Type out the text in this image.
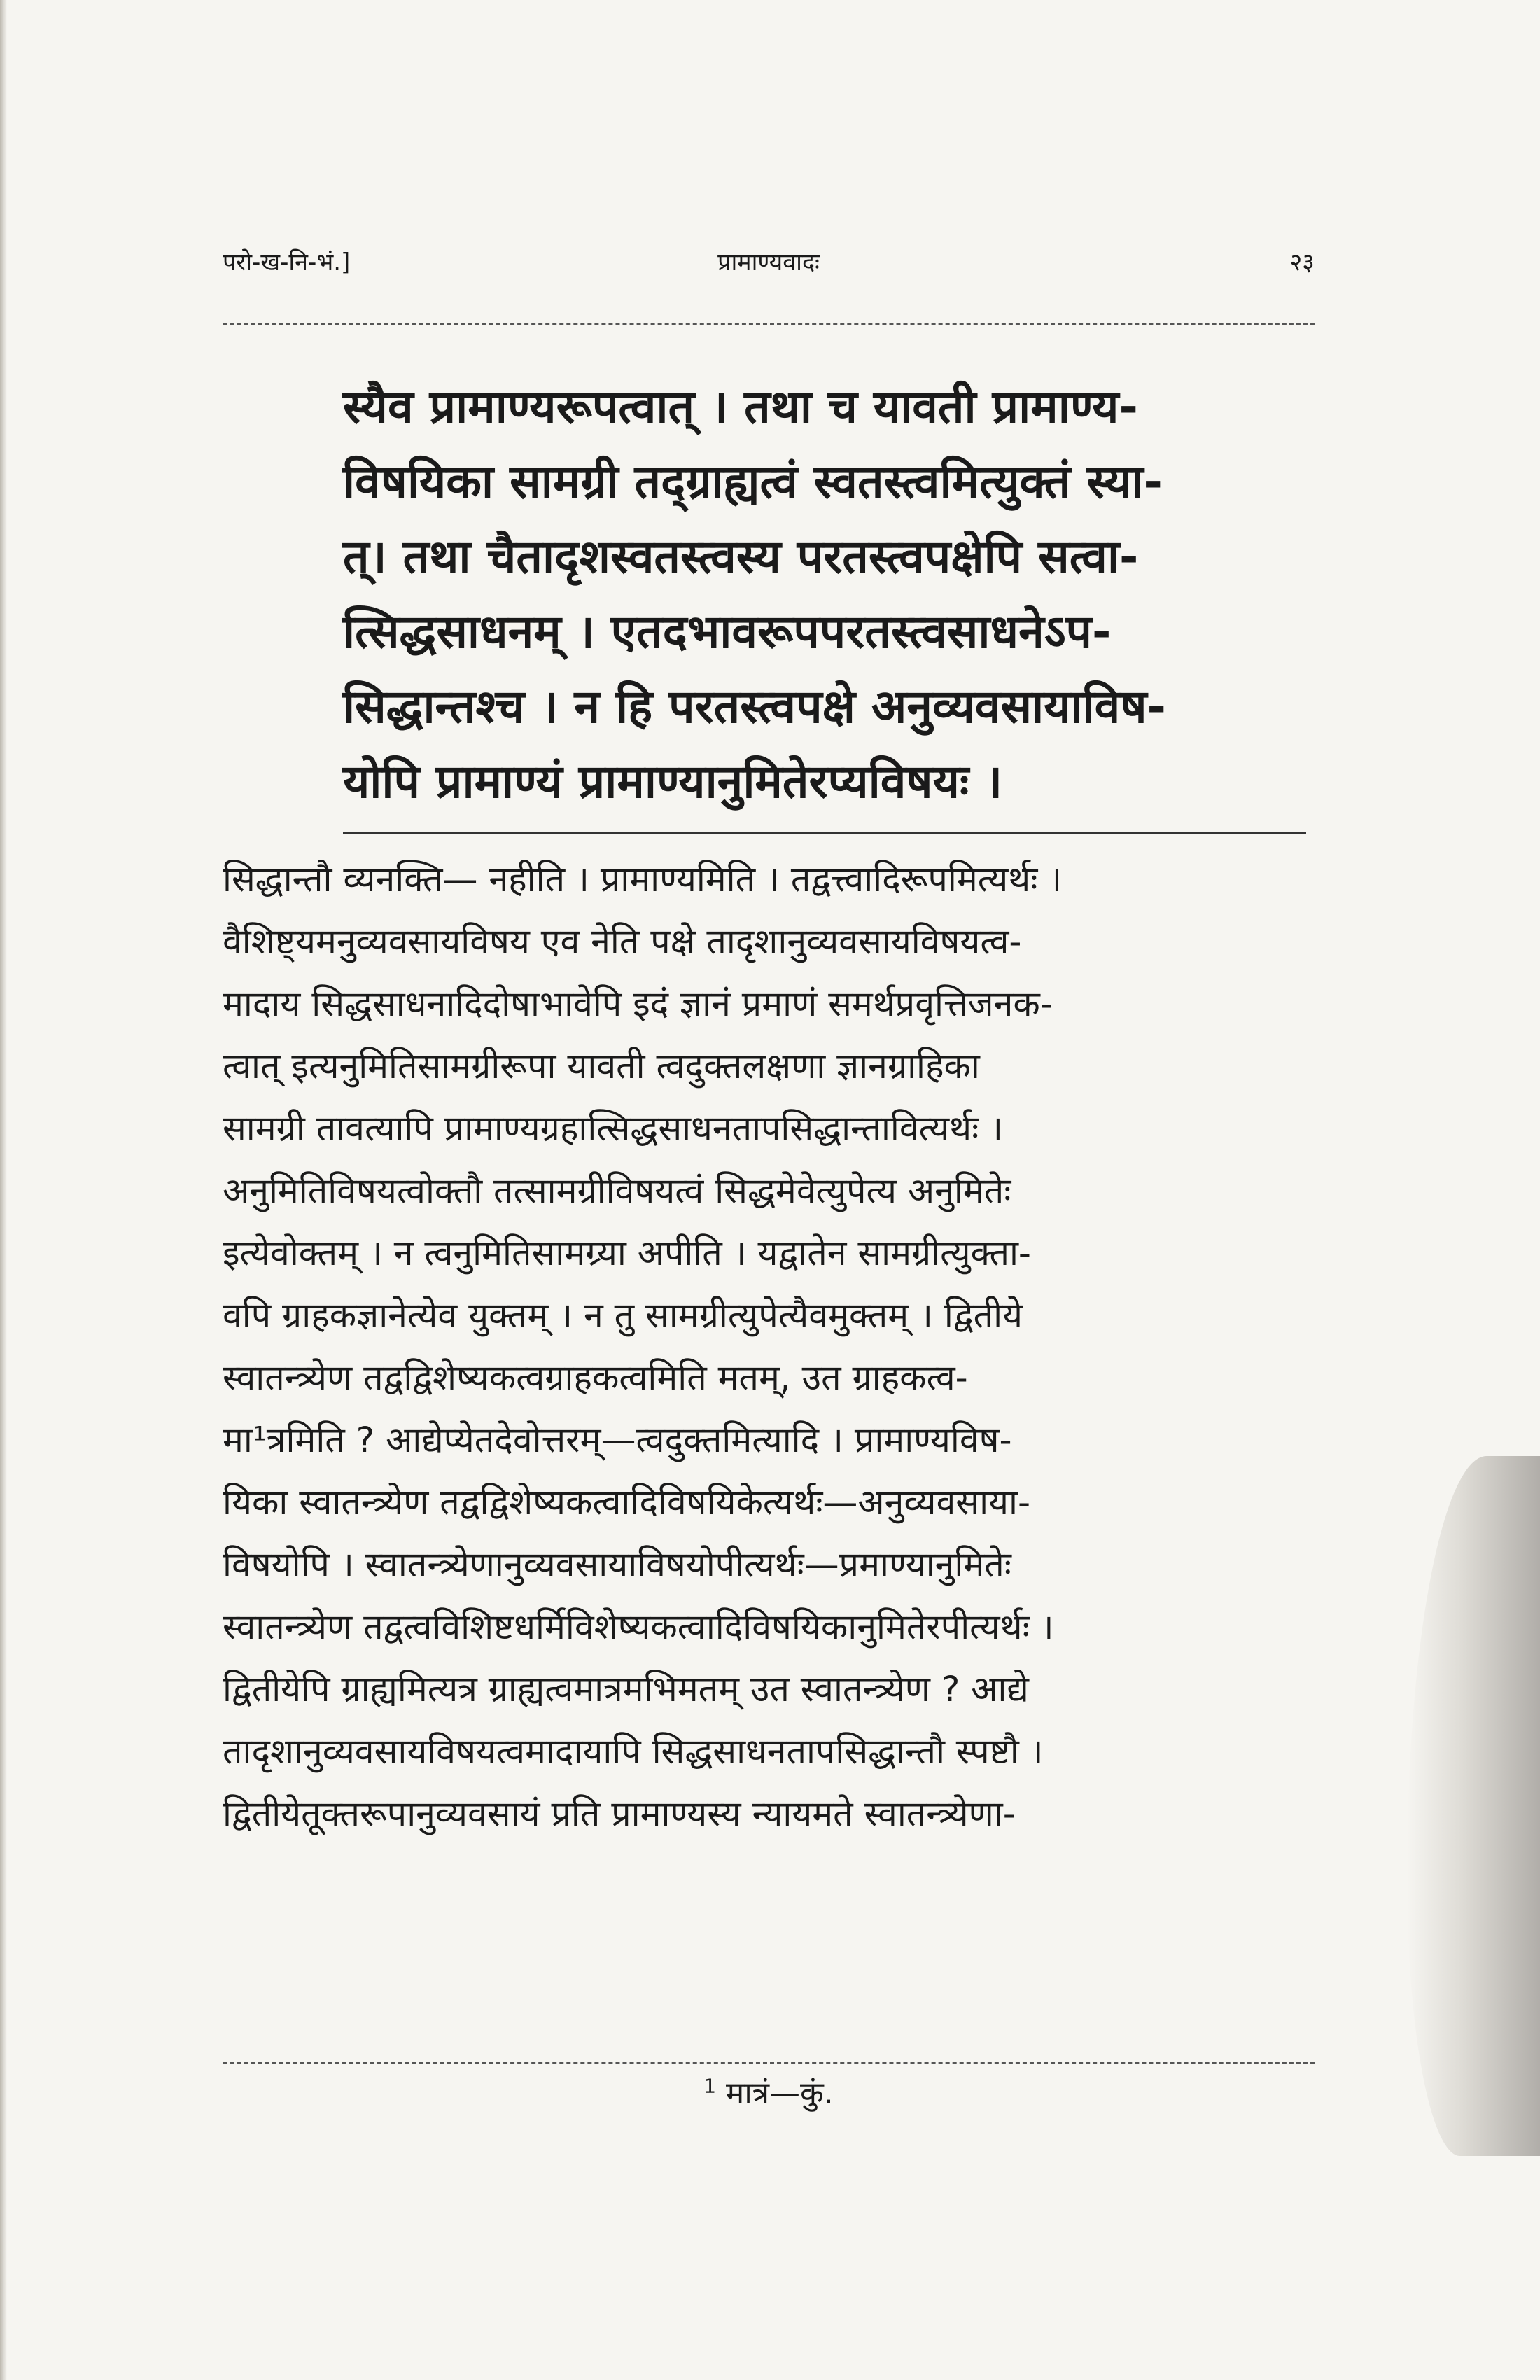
परो-ख-नि-भं.]	प्रामाण्यवादः	२३
स्यैव प्रामाण्यरूपत्वात् । तथा च यावती प्रामाण्य-
विषयिका सामग्री तद्ग्राह्यत्वं स्वतस्त्वमित्युक्तं स्या-
त्। तथा चैतादृशस्वतस्त्वस्य परतस्त्वपक्षेपि सत्वा-
त्सिद्धसाधनम् । एतदभावरूपपरतस्त्वसाधनेऽप-
सिद्धान्तश्च । न हि परतस्त्वपक्षे अनुव्यवसायाविष-
योपि प्रामाण्यं प्रामाण्यानुमितेरप्यविषयः ।
सिद्धान्तौ व्यनक्ति— नहीति । प्रामाण्यमिति । तद्वत्त्वादिरूपमित्यर्थः ।
वैशिष्ट्यमनुव्यवसायविषय एव नेति पक्षे तादृशानुव्यवसायविषयत्व-
मादाय सिद्धसाधनादिदोषाभावेपि इदं ज्ञानं प्रमाणं समर्थप्रवृत्तिजनक-
त्वात् इत्यनुमितिसामग्रीरूपा यावती त्वदुक्तलक्षणा ज्ञानग्राहिका
सामग्री तावत्यापि प्रामाण्यग्रहात्सिद्धसाधनतापसिद्धान्तावित्यर्थः ।
अनुमितिविषयत्वोक्तौ तत्सामग्रीविषयत्वं सिद्धमेवेत्युपेत्य अनुमितेः
इत्येवोक्तम् । न त्वनुमितिसामग्र्या अपीति । यद्वातेन सामग्रीत्युक्ता-
वपि ग्राहकज्ञानेत्येव युक्तम् । न तु सामग्रीत्युपेत्यैवमुक्तम् । द्वितीये
स्वातन्त्र्येण तद्वद्विशेष्यकत्वग्राहकत्वमिति मतम्, उत ग्राहकत्व-
मा¹त्रमिति ? आद्येप्येतदेवोत्तरम्—त्वदुक्तमित्यादि । प्रामाण्यविष-
यिका स्वातन्त्र्येण तद्वद्विशेष्यकत्वादिविषयिकेत्यर्थः—अनुव्यवसाया-
विषयोपि । स्वातन्त्र्येणानुव्यवसायाविषयोपीत्यर्थः—प्रमाण्यानुमितेः
स्वातन्त्र्येण तद्वत्वविशिष्टधर्मिविशेष्यकत्वादिविषयिकानुमितेरपीत्यर्थः ।
द्वितीयेपि ग्राह्यमित्यत्र ग्राह्यत्वमात्रमभिमतम् उत स्वातन्त्र्येण ? आद्ये
तादृशानुव्यवसायविषयत्वमादायापि सिद्धसाधनतापसिद्धान्तौ स्पष्टौ ।
द्वितीयेतूक्तरूपानुव्यवसायं प्रति प्रामाण्यस्य न्यायमते स्वातन्त्र्येणा-
$^1$ मात्रं—कुं.
